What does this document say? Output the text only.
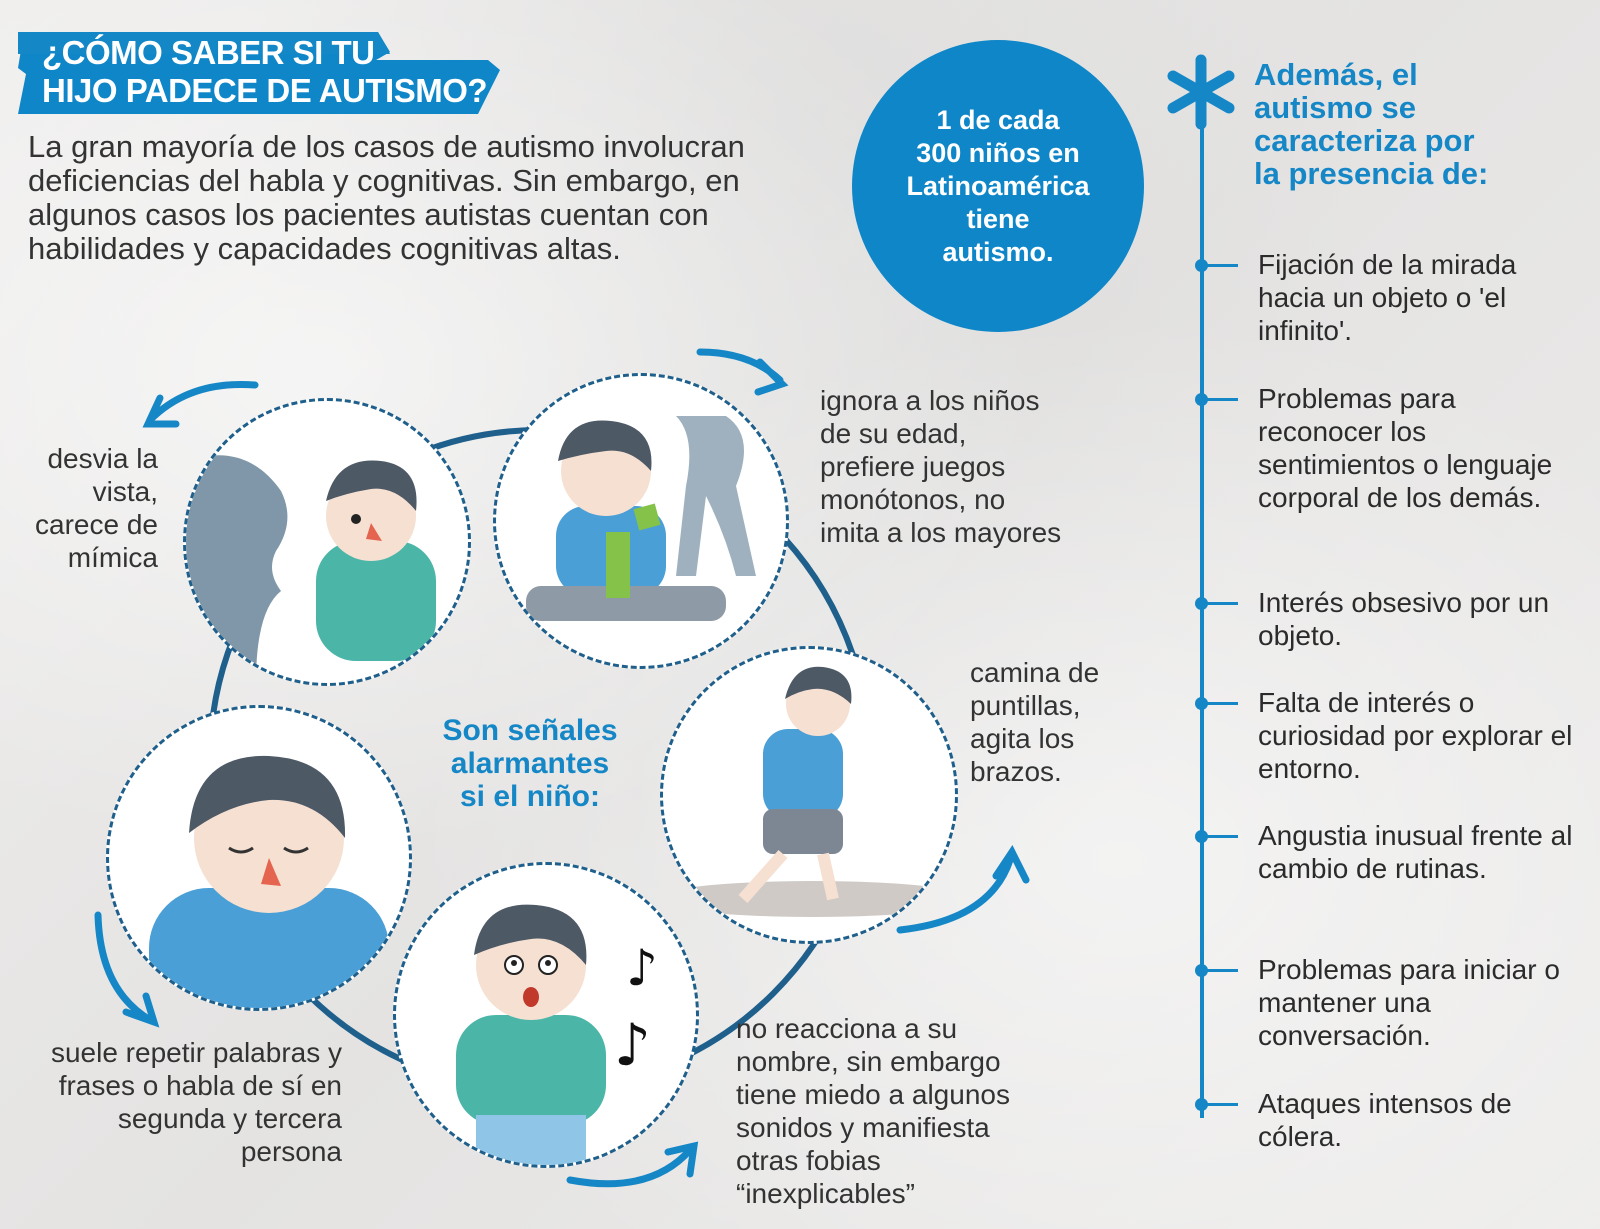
¿CÓMO SABER SI TU
HIJO PADECE DE AUTISMO?
La gran mayoría de los casos de autismo involucran deficiencias del habla y cognitivas. Sin embargo, en algunos casos los pacientes autistas cuentan con habilidades y capacidades cognitivas altas.
1 de cada
300 niños en
Latinoamérica
tiene
autismo.
Además, el
autismo se
caracteriza por
la presencia de:
Fijación de la mirada hacia un objeto o 'el infinito'.
Problemas para reconocer los sentimientos o lenguaje corporal de los demás.
Interés obsesivo por un objeto.
Falta de interés o curiosidad por explorar el entorno.
Angustia inusual frente al cambio de rutinas.
Problemas para iniciar o mantener una conversación.
Ataques intensos de cólera.
♪
♪
Son señales
alarmantes
si el niño:
desvia la vista, carece de mímica
ignora a los niños de su edad, prefiere juegos monótonos, no imita a los mayores
camina de puntillas, agita los brazos.
no reacciona a su nombre, sin embargo tiene miedo a algunos sonidos y manifiesta otras fobias “inexplicables”
suele repetir palabras y frases o habla de sí en segunda y tercera persona
